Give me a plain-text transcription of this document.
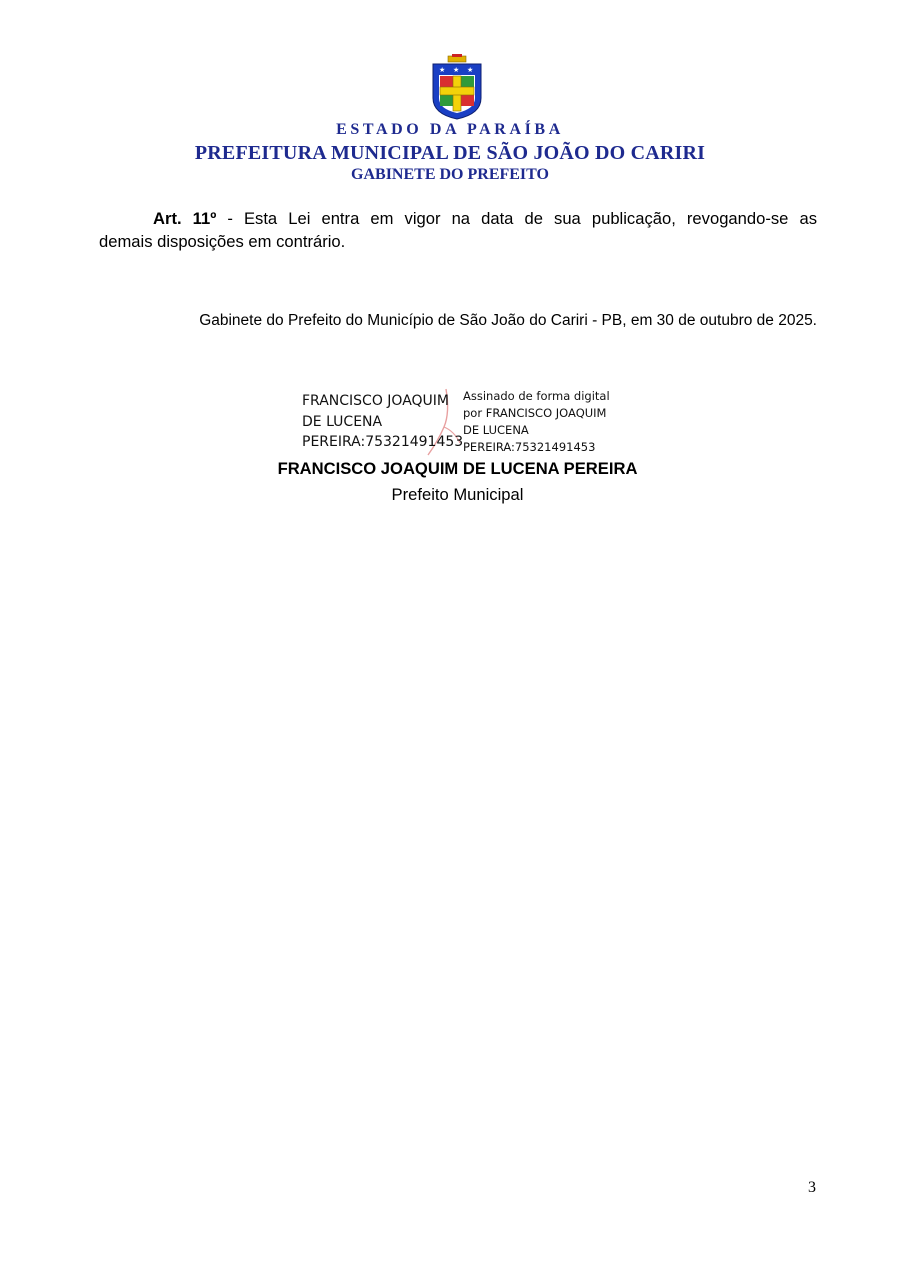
★ ★ ★
ESTADO DA PARAÍBA
PREFEITURA MUNICIPAL DE SÃO JOÃO DO CARIRI
GABINETE DO PREFEITO
Art. 11º - Esta Lei entra em vigor na data de sua publicação, revogando-se as
demais disposições em contrário.
Gabinete do Prefeito do Município de São João do Cariri - PB, em 30 de outubro de 2025.
FRANCISCO JOAQUIM
DE LUCENA
PEREIRA:75321491453
Assinado de forma digital
por FRANCISCO JOAQUIM
DE LUCENA
PEREIRA:75321491453
FRANCISCO JOAQUIM DE LUCENA PEREIRA
Prefeito Municipal
3
